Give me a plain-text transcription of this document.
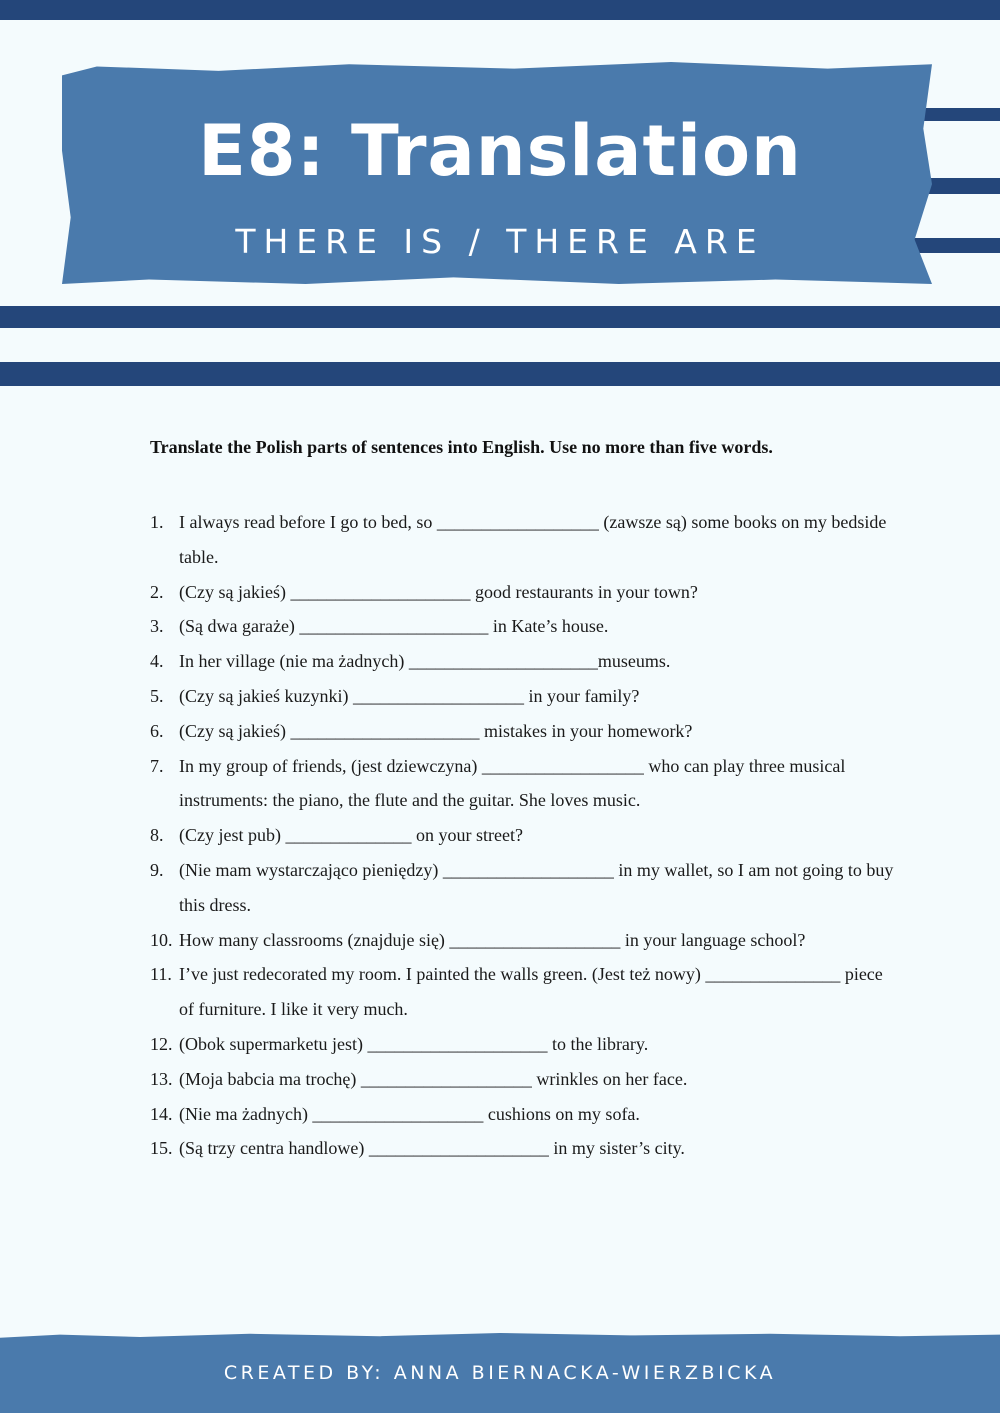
E8: Translation
THERE IS / THERE ARE
Translate the Polish parts of sentences into English. Use no more than five words.
1. I always read before I go to bed, so __________________ (zawsze są) some books on my bedside table.
2. (Czy są jakieś) ____________________ good restaurants in your town?
3. (Są dwa garaże) _____________________ in Kate’s house.
4. In her village (nie ma żadnych) _____________________museums.
5. (Czy są jakieś kuzynki) ___________________ in your family?
6. (Czy są jakieś) _____________________ mistakes in your homework?
7. In my group of friends, (jest dziewczyna) __________________ who can play three musical instruments: the piano, the flute and the guitar. She loves music.
8. (Czy jest pub) ______________ on your street?
9. (Nie mam wystarczająco pieniędzy) ___________________ in my wallet, so I am not going to buy this dress.
10. How many classrooms (znajduje się) ___________________ in your language school?
11. I’ve just redecorated my room. I painted the walls green. (Jest też nowy) _______________ piece of furniture. I like it very much.
12. (Obok supermarketu jest) ____________________ to the library.
13. (Moja babcia ma trochę) ___________________ wrinkles on her face.
14. (Nie ma żadnych) ___________________ cushions on my sofa.
15. (Są trzy centra handlowe) ____________________ in my sister’s city.
CREATED BY: ANNA BIERNACKA-WIERZBICKA
